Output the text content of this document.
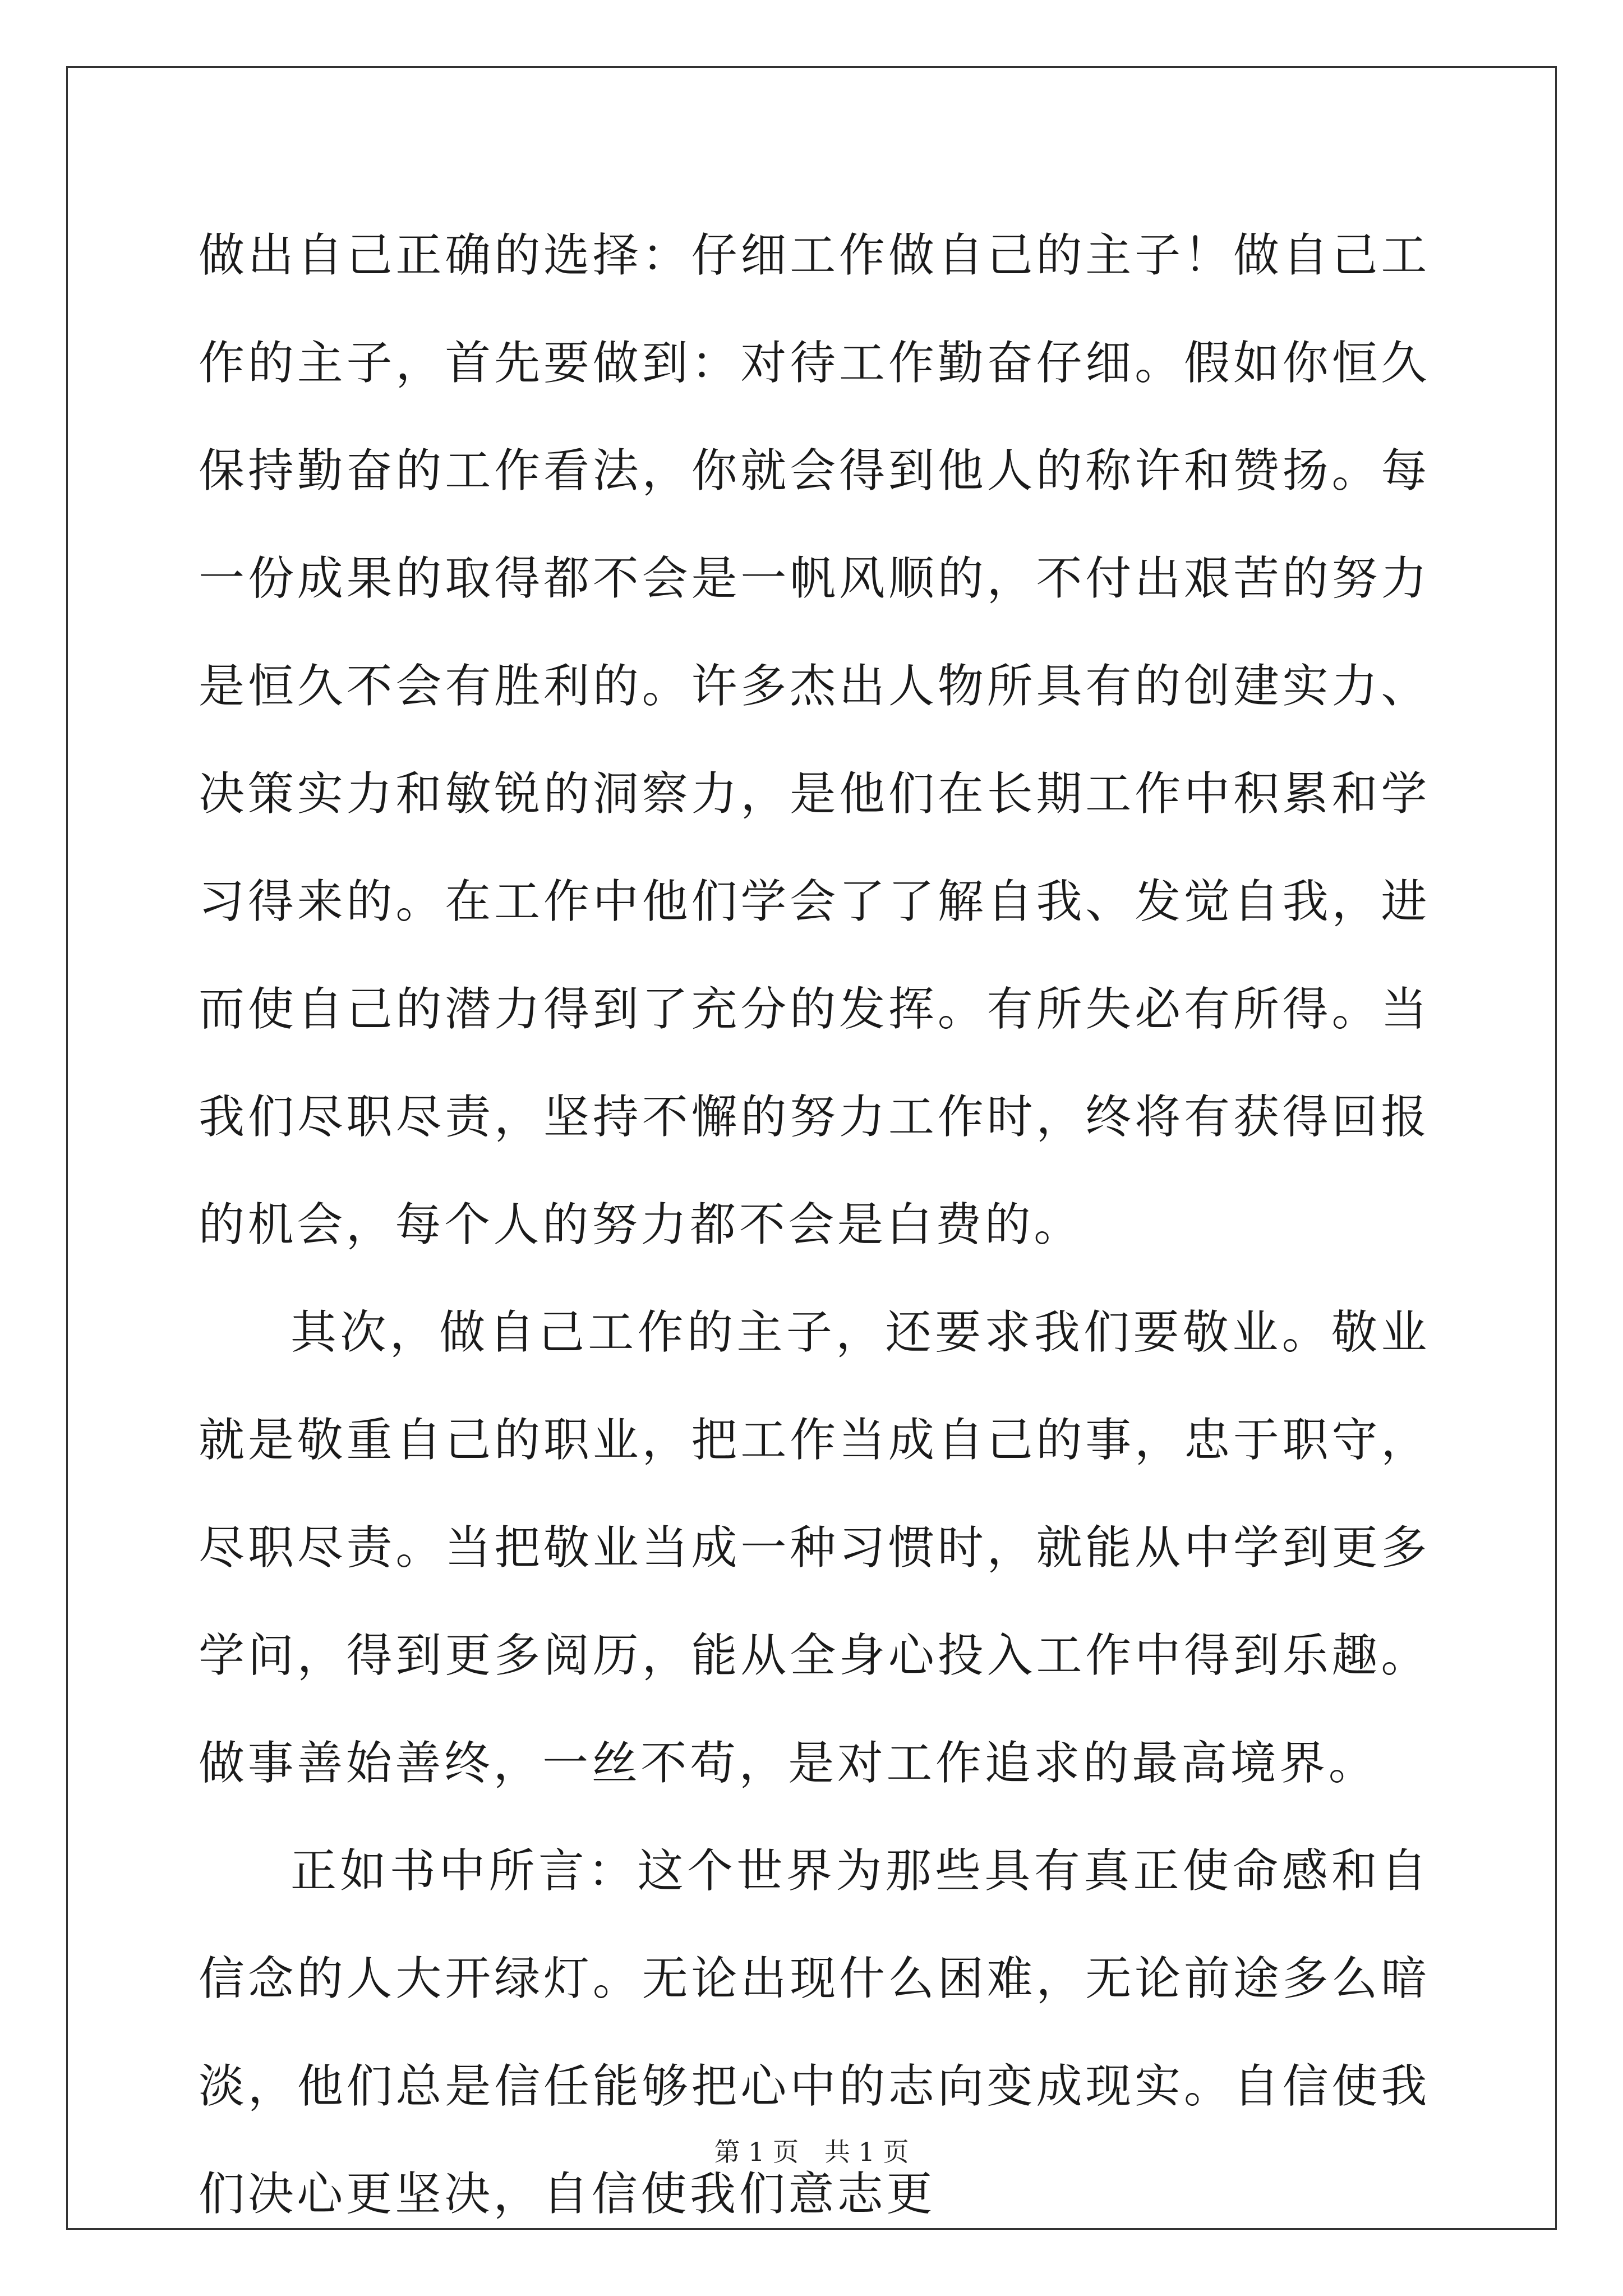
做出自己正确的选择：仔细工作做自己的主子！做自己工作的主子，首先要做到：对待工作勤奋仔细。假如你恒久保持勤奋的工作看法，你就会得到他人的称许和赞扬。每一份成果的取得都不会是一帆风顺的，不付出艰苦的努力是恒久不会有胜利的。许多杰出人物所具有的创建实力、决策实力和敏锐的洞察力，是他们在长期工作中积累和学习得来的。在工作中他们学会了了解自我、发觉自我，进而使自己的潜力得到了充分的发挥。有所失必有所得。当我们尽职尽责，坚持不懈的努力工作时，终将有获得回报的机会，每个人的努力都不会是白费的。

其次，做自己工作的主子，还要求我们要敬业。敬业就是敬重自己的职业，把工作当成自己的事，忠于职守，尽职尽责。当把敬业当成一种习惯时，就能从中学到更多学问，得到更多阅历，能从全身心投入工作中得到乐趣。做事善始善终，一丝不苟，是对工作追求的最高境界。

正如书中所言：这个世界为那些具有真正使命感和自信念的人大开绿灯。无论出现什么困难，无论前途多么暗淡，他们总是信任能够把心中的志向变成现实。自信使我们决心更坚决，自信使我们意志更

第 1 页 共 1 页
